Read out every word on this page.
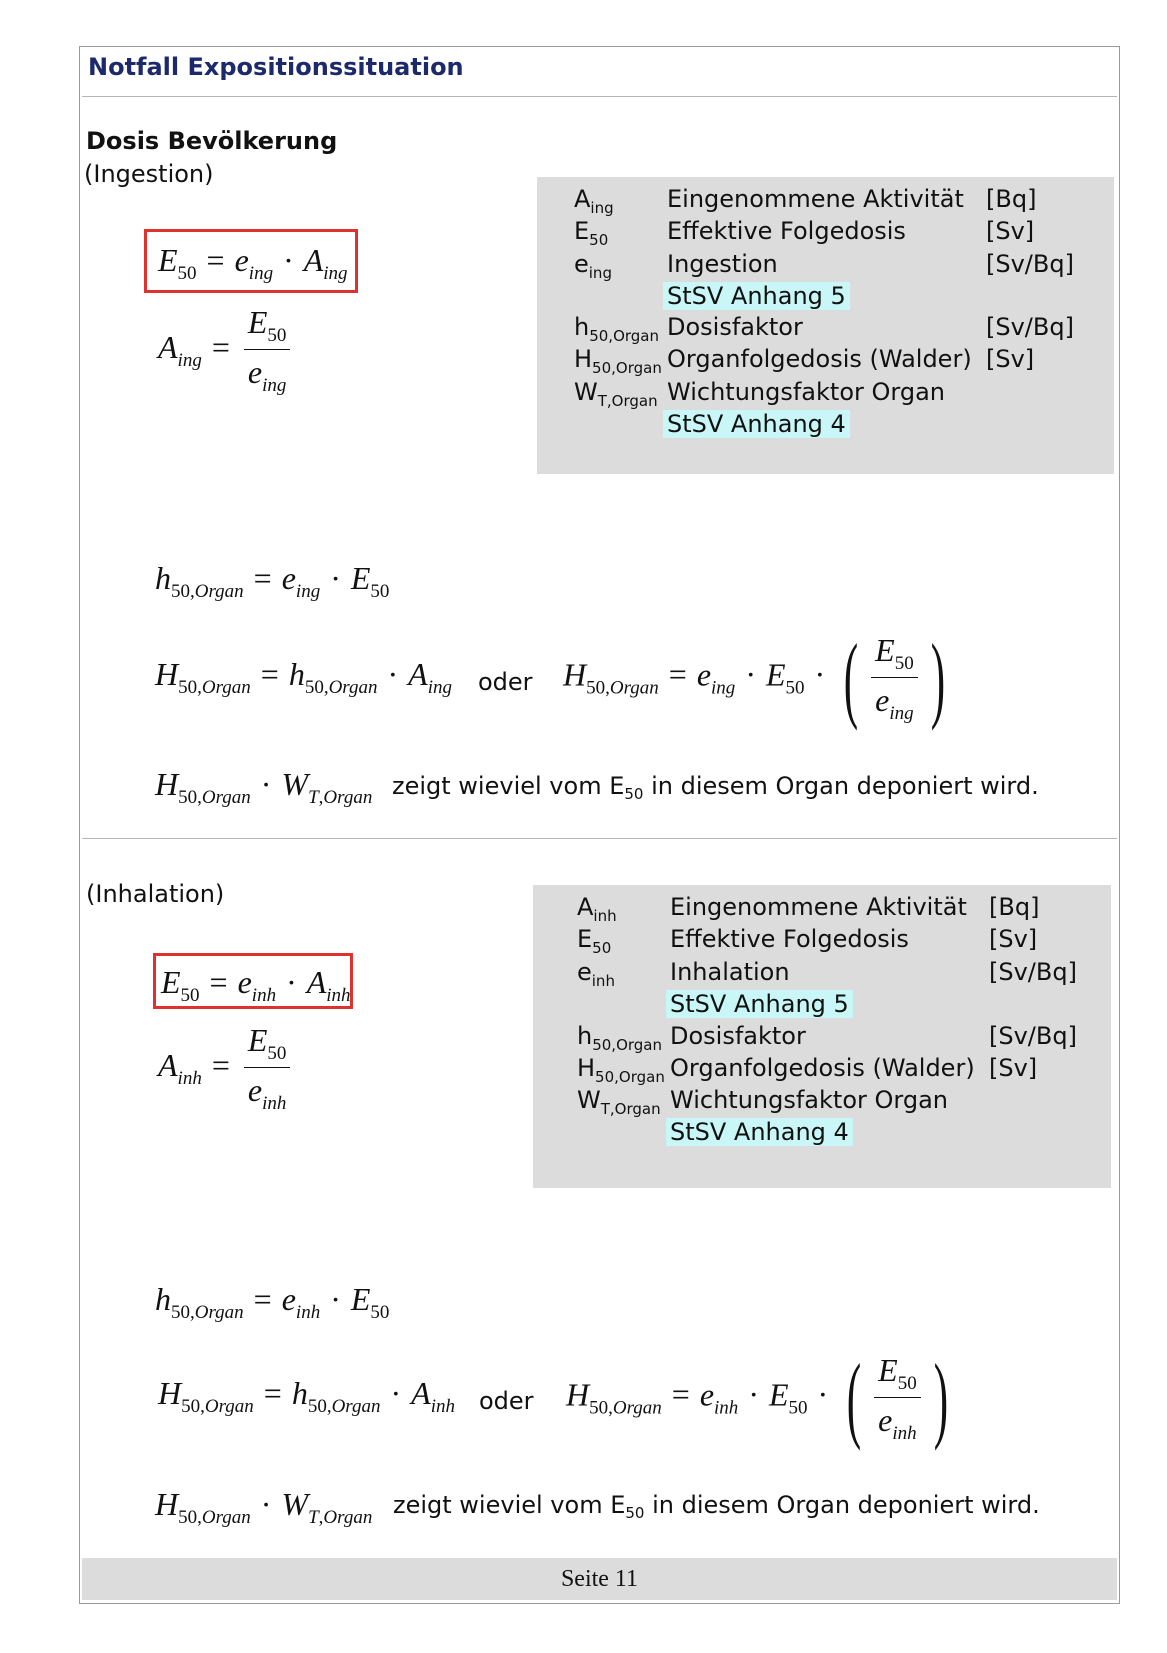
Notfall Expositionssituation
Dosis Bevölkerung
(Ingestion)
$E_{50} = e_{ing} \cdot A_{ing}$
$A_{ing} = \frac{E_{50}}{e_{ing}}$
$A_{ing}$ Eingenommene Aktivität [Bq]
$E_{50}$ Effektive Folgedosis	[Sv]
$e_{ing}$ Ingestion	[Sv/Bq]
StSV Anhang 5
$h_{50,Organ}$ Dosisfaktor	[Sv/Bq]
$H_{50,Organ}$ Organfolgedosis (Walder) [Sv]
$W_{T,Organ}$ Wichtungsfaktor Organ
StSV Anhang 4
$h_{50,Organ} = e_{ing} \cdot E_{50}$
$H_{50,Organ} = h_{50,Organ} \cdot A_{ing}$ oder $H_{50,Organ} = e_{ing} \cdot E_{50}$ · ( $\frac{E_{50}}{e_{ing}}$ )
$H_{50,Organ} \cdot W_{T,Organ}$ zeigt wieviel vom $E_{50}$ in diesem Organ deponiert wird.
(Inhalation)
$E_{50} = e_{inh} \cdot A_{inh}$
$A_{inh} = \frac{E_{50}}{e_{inh}}$
$A_{inh}$ Eingenommene Aktivität [Bq]
$E_{50}$ Effektive Folgedosis	[Sv]
$e_{inh}$ Inhalation	[Sv/Bq]
StSV Anhang 5
$h_{50,Organ}$ Dosisfaktor	[Sv/Bq]
$H_{50,Organ}$ Organfolgedosis (Walder) [Sv]
$W_{T,Organ}$ Wichtungsfaktor Organ
StSV Anhang 4
$h_{50,Organ} = e_{inh} \cdot E_{50}$
$H_{50,Organ} = h_{50,Organ} \cdot A_{inh}$ oder $H_{50,Organ} = e_{inh} \cdot E_{50}$ · ( $\frac{E_{50}}{e_{inh}}$ )
$H_{50,Organ} \cdot W_{T,Organ}$ zeigt wieviel vom $E_{50}$ in diesem Organ deponiert wird.
Seite 11
